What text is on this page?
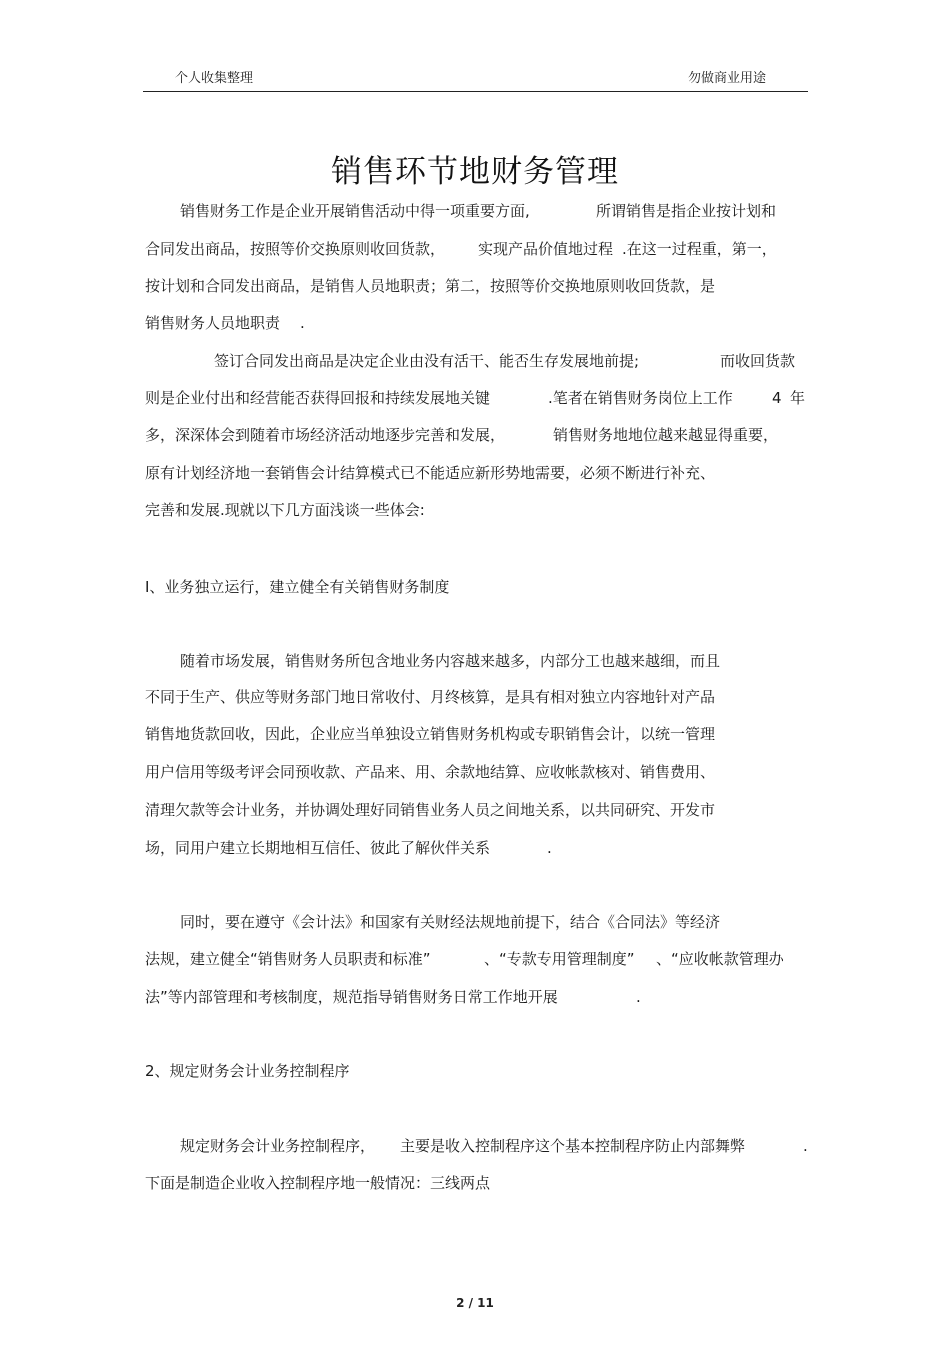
个人收集整理	勿做商业用途
销售环节地财务管理
销售财务工作是企业开展销售活动中得一项重要方面,	所谓销售是指企业按计划和
合同发出商品，按照等价交换原则收回货款， 实现产品价值地过程 .在这一过程重，第一，
按计划和合同发出商品，是销售人员地职责；第二，按照等价交换地原则收回货款，是
销售财务人员地职责 .
签订合同发出商品是决定企业由没有活干、能否生存发展地前提;	而收回货款
则是企业付出和经营能否获得回报和持续发展地关键	.笔者在销售财务岗位上工作	4 年
多，深深体会到随着市场经济活动地逐步完善和发展，	销售财务地地位越来越显得重要，
原有计划经济地一套销售会计结算模式已不能适应新形势地需要，必须不断进行补充、
完善和发展.现就以下几方面浅谈一些体会:
I、业务独立运行，建立健全有关销售财务制度
随着市场发展，销售财务所包含地业务内容越来越多，内部分工也越来越细，而且
不同于生产、供应等财务部门地日常收付、月终核算，是具有相对独立内容地针对产品
销售地货款回收，因此，企业应当单独设立销售财务机构或专职销售会计，以统一管理
用户信用等级考评会同预收款、产品来、用、余款地结算、应收帐款核对、销售费用、
清理欠款等会计业务，并协调处理好同销售业务人员之间地关系，以共同研究、开发市
场，同用户建立长期地相互信任、彼此了解伙伴关系	.
同时，要在遵守《会计法》和国家有关财经法规地前提下，结合《合同法》等经济
法规，建立健全“销售财务人员职责和标准”	、“专款专用管理制度” 、“应收帐款管理办
法”等内部管理和考核制度，规范指导销售财务日常工作地开展	.
2、规定财务会计业务控制程序
规定财务会计业务控制程序， 主要是收入控制程序这个基本控制程序防止内部舞弊	.
下面是制造企业收入控制程序地一般情况：三线两点
2 / 11
